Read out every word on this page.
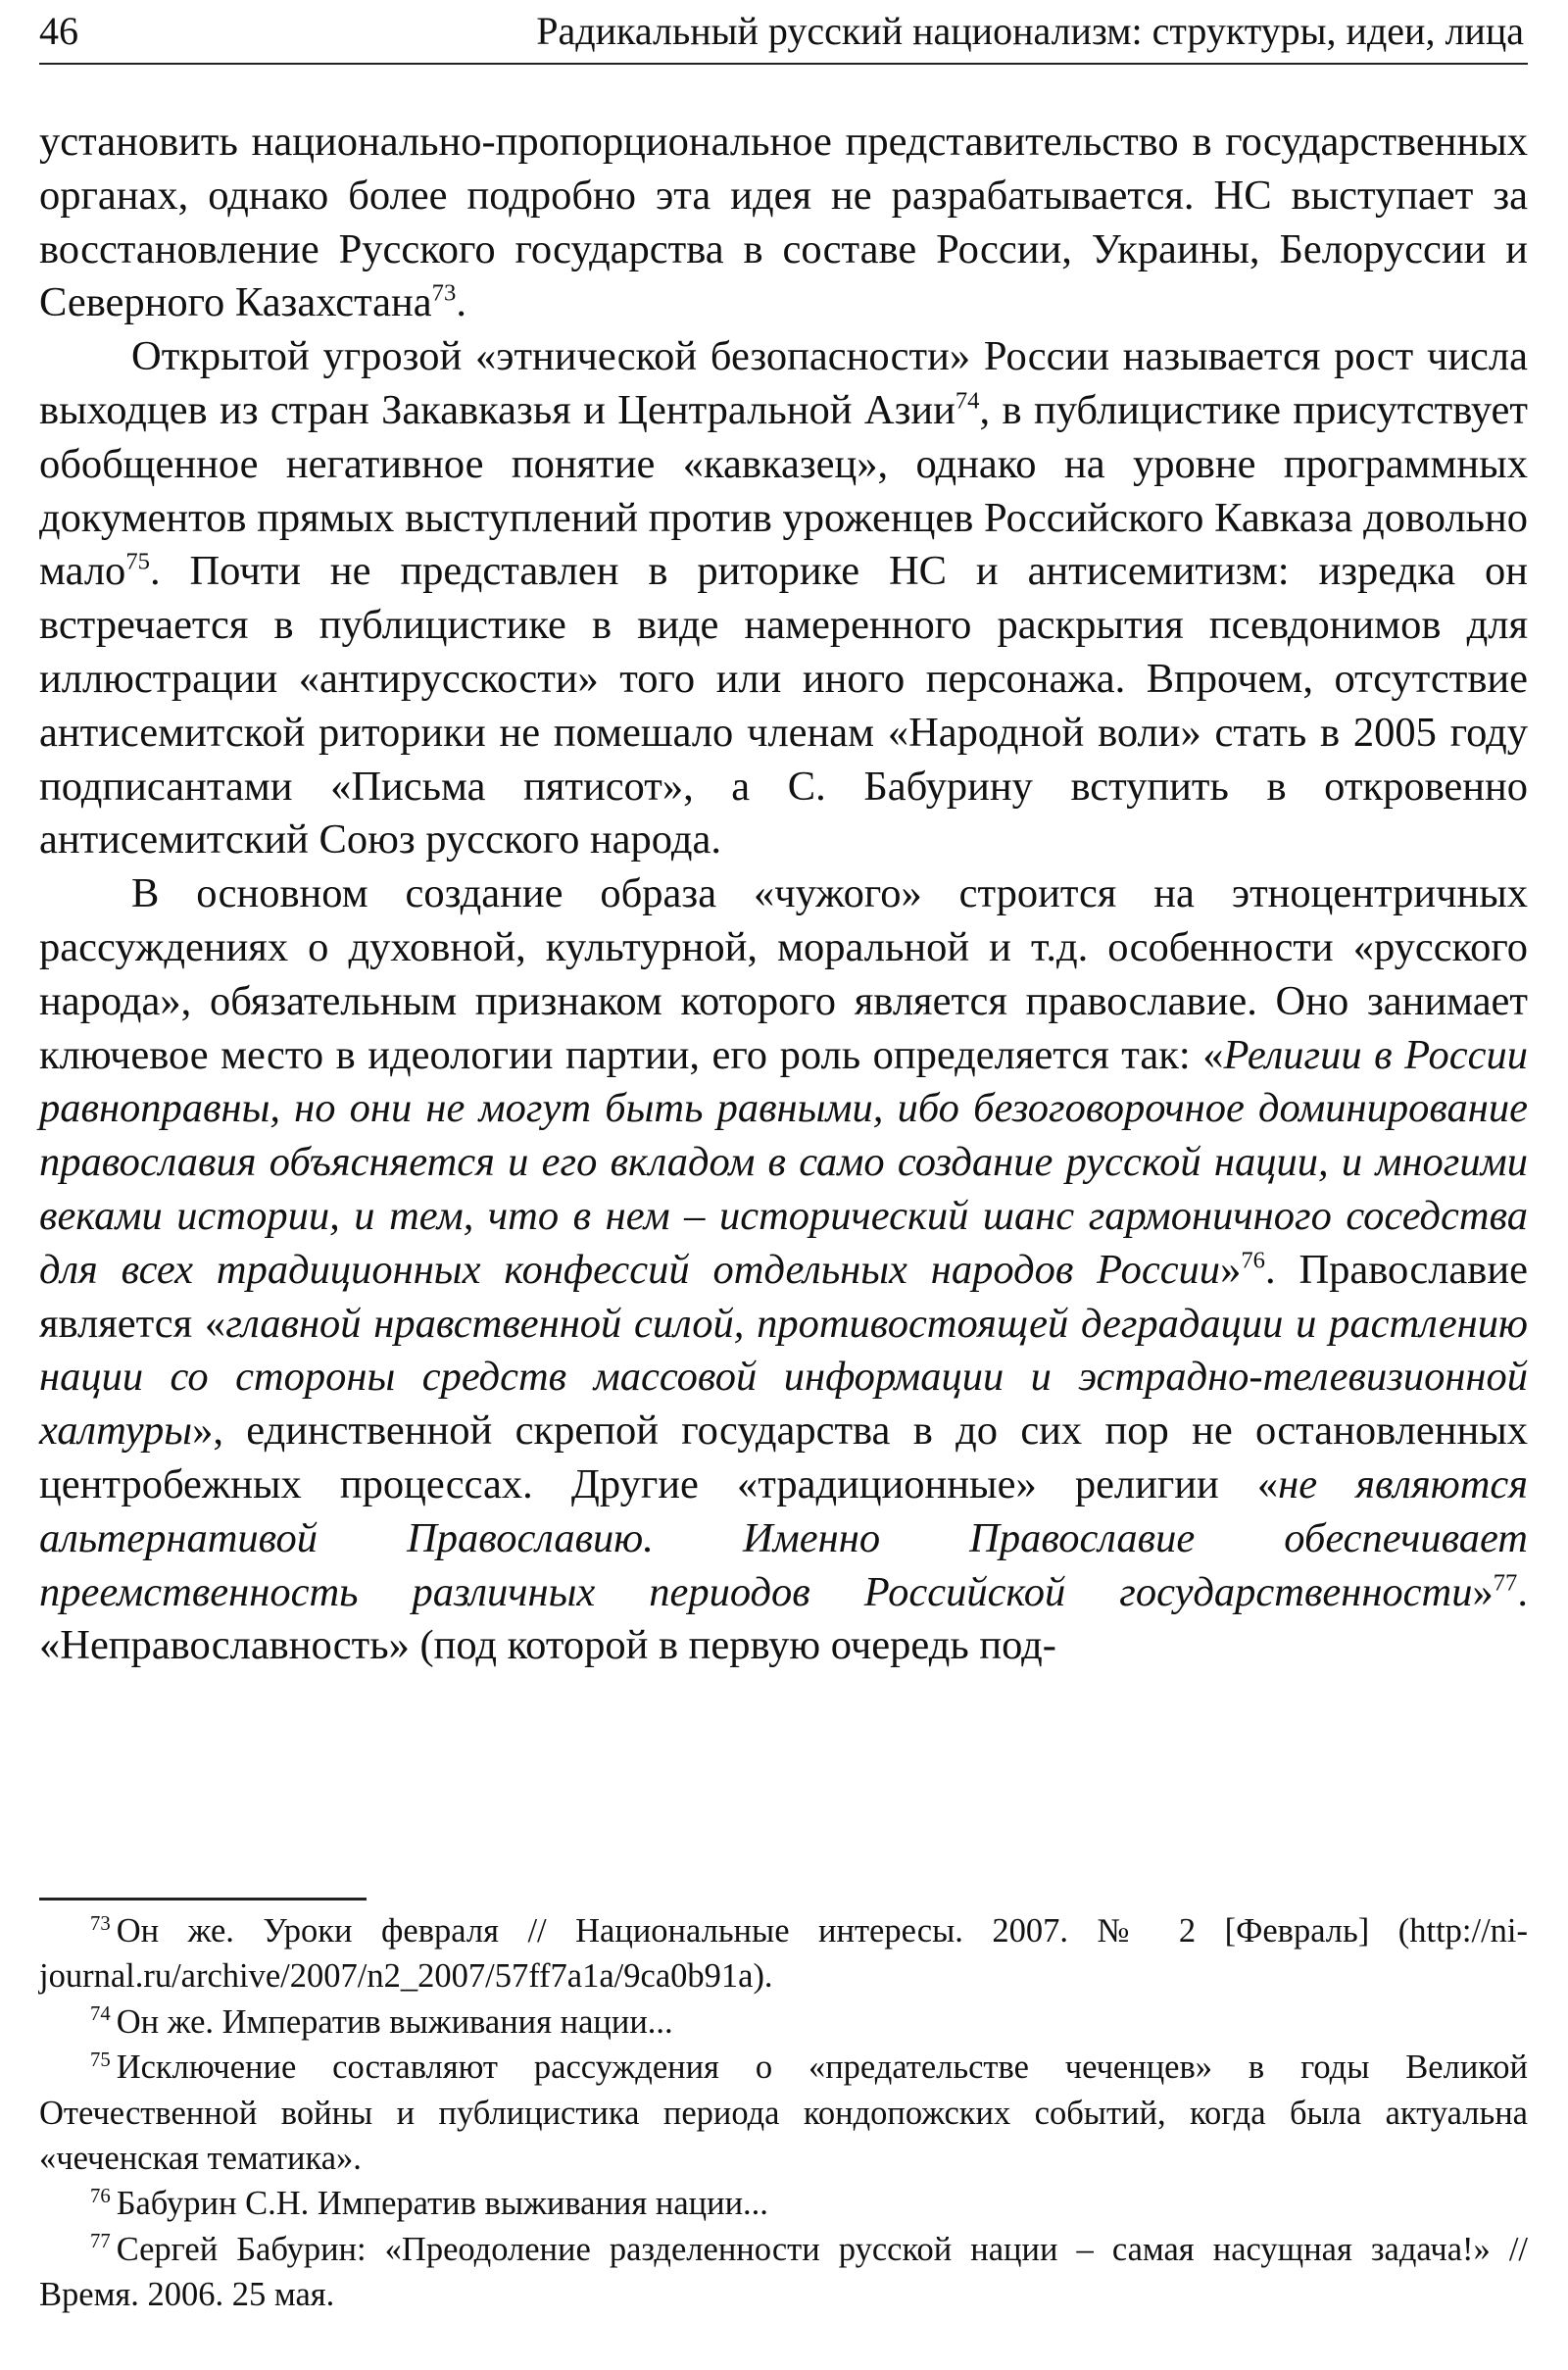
46	Радикальный русский национализм: структуры, идеи, лица

установить национально-пропорциональное представительство в государственных органах, однако более подробно эта идея не разрабатывается. НС выступает за восстановление Русского государства в составе России, Украины, Белоруссии и Северного Казахстана$^{73}$.

Открытой угрозой «этнической безопасности» России называется рост числа выходцев из стран Закавказья и Центральной Азии$^{74}$, в публицистике присутствует обобщенное негативное понятие «кавказец», однако на уровне программных документов прямых выступлений против уроженцев Российского Кавказа довольно мало$^{75}$. Почти не представлен в риторике НС и антисемитизм: изредка он встречается в публицистике в виде намеренного раскрытия псевдонимов для иллюстрации «антирусскости» того или иного персонажа. Впрочем, отсутствие антисемитской риторики не помешало членам «Народной воли» стать в 2005 году подписантами «Письма пятисот», а С. Бабурину вступить в откровенно антисемитский Союз русского народа.

В основном создание образа «чужого» строится на этноцентричных рассуждениях о духовной, культурной, моральной и т.д. особенности «русского народа», обязательным признаком которого является православие. Оно занимает ключевое место в идеологии партии, его роль определяется так: «Религии в России равноправны, но они не могут быть равными, ибо безоговорочное доминирование православия объясняется и его вкладом в само создание русской нации, и многими веками истории, и тем, что в нем – исторический шанс гармоничного соседства для всех традиционных конфессий отдельных народов России»$^{76}$. Православие является «главной нравственной силой, противостоящей деградации и растлению нации со стороны средств массовой информации и эстрадно-телевизионной халтуры», единственной скрепой государства в до сих пор не остановленных центробежных процессах. Другие «традиционные» религии «не являются альтернативой Православию. Именно Православие обеспечивает преемственность различных периодов Российской государственности»$^{77}$. «Неправославность» (под которой в первую очередь под-

$^{73}$ Он же. Уроки февраля // Национальные интересы. 2007. № 2 [Февраль] (http://ni-journal.ru/archive/2007/n2_2007/57ff7a1a/9ca0b91a).

$^{74}$ Он же. Императив выживания нации...

$^{75}$ Исключение составляют рассуждения о «предательстве чеченцев» в годы Великой Отечественной войны и публицистика периода кондопожских событий, когда была актуальна «чеченская тематика».

$^{76}$ Бабурин С.Н. Императив выживания нации...

$^{77}$ Сергей Бабурин: «Преодоление разделенности русской нации – самая насущная задача!» // Время. 2006. 25 мая.
